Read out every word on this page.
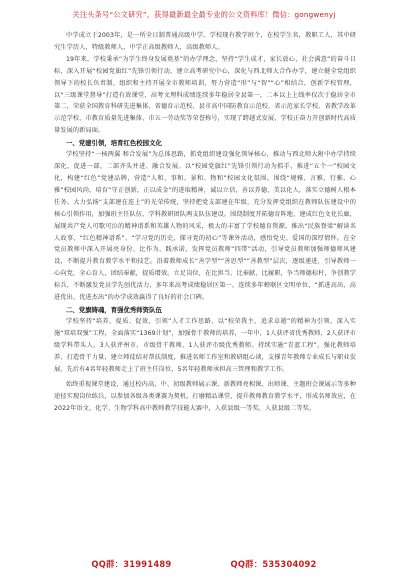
关注头条号“公文研究”，获得最新最全最专业的公文资料库！微信：gongwenyj

中学成立于2003年，是一所全日制普通高级中学。学校现有教学班个，在校学生名，教职工人，其中研究生学历人，特级教师人，中学正高级教师人，高级教师人。

19年来，学校秉承“为学生终身发展奠基”的办学理念，坚持“学生成才，家长放心，社会满意”的奋斗目标，深入开展“校园党旗红”先锋引领行动，建立高考研究中心，深化与西北师大合作办学，建立健全党组织领导下的校长负责制，组织和主持开展全市教师培训，努力营造“形”与“智”“心”相结合，创新学校管理，以“三级课堂督导”打造有效课堂，高考文理科成绩连续多年稳居全县第一，二本以上上线率仅次于稳居全市第二，荣获全国教育科研先进集体、省德育示范校、县市高中国防教育示范校、省示范家长学校、省教学改革示范学校、市教育质量先进集体、市五一劳动奖等荣誉称号，实现了跨越式发展，学校正奋力开创新时代高质量发展的新局面。

一、党建引领，培育红色校园文化

学校坚持“一核两翼 和合发展”为总体思路，抓党组织建设强化领导核心，推动与西北师大附中办学持续深化，促进一部、二部齐头并进、融合发展。以“校园党旗红”先锋引领行动为抓手，推进“五个一”校园文化，构建“红色”党建品牌，营造“人和、事和、景和、物和”校园文化氛围。围绕“境雅、言雅、行雅、心雅”校园风尚，培育“守正创新，正以成金”的进取精神，诚以立信，善以养德，美以化人，落实立德树人根本任务。大力弘扬“支部建在连上”的光荣传统，坚持把党支部建在年级，充分发挥党组织在教师队伍建设中的核心引领作用，加强班主任队伍、学科教研团队两支队伍建设。围绕制度开拓德育阵地，建成红色文化长廊，展现共产党人可歌可泣的精神谱系和英雄人物的风采，极大的丰富了学校德育资源。推出“民族脊梁”解读名人故事，“红色精神谱系”、“学习党的历史，探寻党的初心”等课外活动，感悟党史、爱国的深厚情怀。在全党员教师中深入开展亮身份、比作为、践承诺，发挥党员教师“四带”活动，引导党员教师加强师德师风建设，不断提升教育教学水平和技艺。沿着教师成长“善学型”“善思型”“善教型”层次，逐级递进，引导教师一心向党，全心育人，团结奉献，提质增效。立足岗位，在比担当、比奉献、比履职，争当师德标杆，争创教学标兵，不断激发党员学先创优活力，多年来高考成绩稳居区第一，连续多年蝉联区文明单位，“抓进高出、高进优出、优进杰出”的办学成效赢得了良好的社会口碑。

二、党旗铸魂，育强优秀师资队伍

学校坚持“培养、提质、促效、引领”人才工作思路，以“校荣我主，追求卓越”的精神为引领，深入实施“双培双强”工程，全面落实“1369计划”，加强骨干教师的培养，一年中，1人获评省优秀教师，2人获评市级学科带头人，3人获评州市、市级骨干教师，1人获评市级优秀教师。持续实施“青蓝工程”，强化教师培养，打造骨干力量，建立师徒结对帮扶制度，推进名师工作室和教研组心谈，支撑青年教师专业成长与职业发展，先后有4名年轻教师走上了班主任岗位，5名年轻教师承担高三管理和教学工作。

始终重视课堂建设，通过校内高、中、初级教师展示课、新教师亮相课、出师课、主题班会课展示等多种途径实现岗位练兵，以参加各级各类课赛为契机，打磨精品课堂，提升教师教育教学水平，形成名师效应，在2022年语文、化学、生物学科高中教师教学技能大赛中，人获县级一等奖，人获县级二等奖，

QQ群：31991489	QQ群：535304092
